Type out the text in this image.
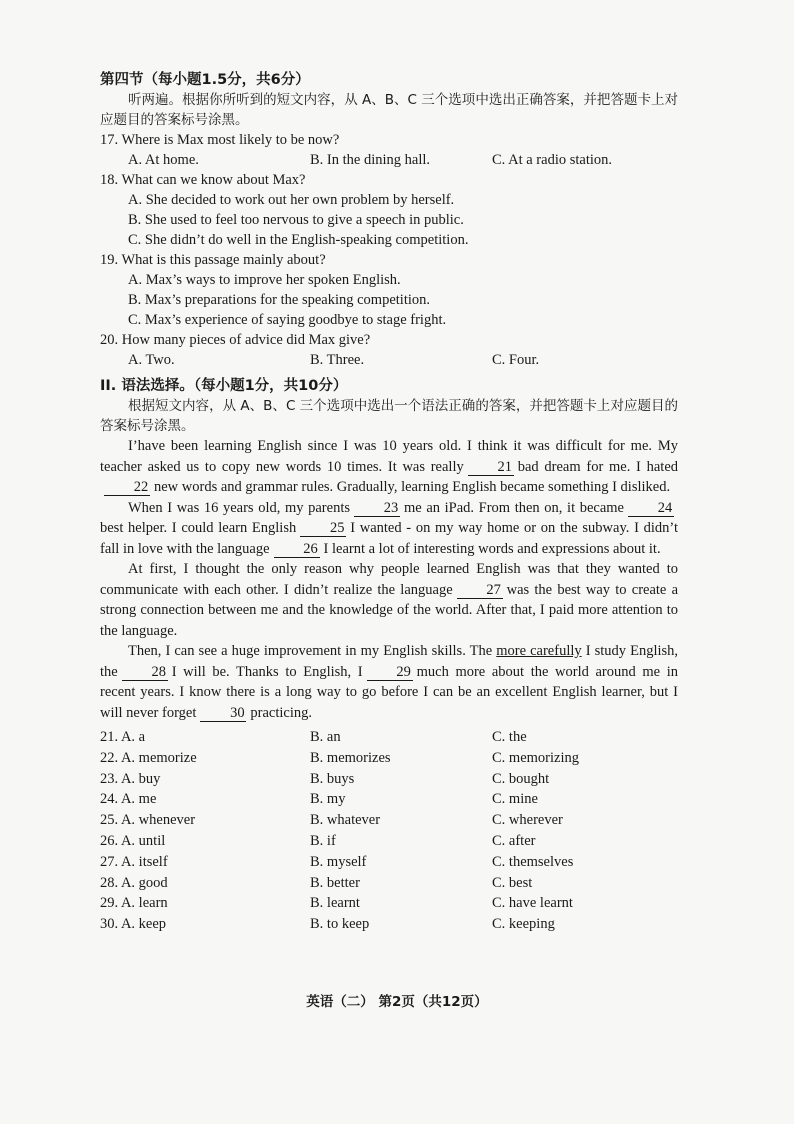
第四节（每小题1.5分，共6分）

听两遍。根据你所听到的短文内容，从 A、B、C 三个选项中选出正确答案，并把答题卡上对应题目的答案标号涂黑。

17. Where is Max most likely to be now?

A. At home.	B. In the dining hall.	C. At a radio station.

18. What can we know about Max?

A. She decided to work out her own problem by herself.

B. She used to feel too nervous to give a speech in public.

C. She didn’t do well in the English-speaking competition.

19. What is this passage mainly about?

A. Max’s ways to improve her spoken English.

B. Max’s preparations for the speaking competition.

C. Max’s experience of saying goodbye to stage fright.

20. How many pieces of advice did Max give?

A. Two.	B. Three.	C. Four.

II. 语法选择。（每小题1分，共10分）

根据短文内容，从 A、B、C 三个选项中选出一个语法正确的答案，并把答题卡上对应题目的答案标号涂黑。

I’have been learning English since I was 10 years old. I think it was difficult for me. My teacher asked us to copy new words 10 times. It was really 21 bad dream for me. I hated22 new words and grammar rules. Gradually, learning English became something I disliked.

When I was 16 years old, my parents 23 me an iPad. From then on, it became 24best helper. I could learn English 25 I wanted - on my way home or on the subway. I didn’t fall in love with the language 26 I learnt a lot of interesting words and expressions about it.

At first, I thought the only reason why people learned English was that they wanted to communicate with each other. I didn’t realize the language 27 was the best way to create a strong connection between me and the knowledge of the world. After that, I paid more attention to the language.

Then, I can see a huge improvement in my English skills. The more carefully I study English, the 28 I will be. Thanks to English, I 29 much more about the world around me in recent years. I know there is a long way to go before I can be an excellent English learner, but I will never forget 30 practicing.

21. A. a	B. an	C. the
22. A. memorize	B. memorizes	C. memorizing
23. A. buy	B. buys	C. bought
24. A. me	B. my	C. mine
25. A. whenever	B. whatever	C. wherever
26. A. until	B. if	C. after
27. A. itself	B. myself	C. themselves
28. A. good	B. better	C. best
29. A. learn	B. learnt	C. have learnt
30. A. keep	B. to keep	C. keeping
英语（二） 第2页（共12页）
